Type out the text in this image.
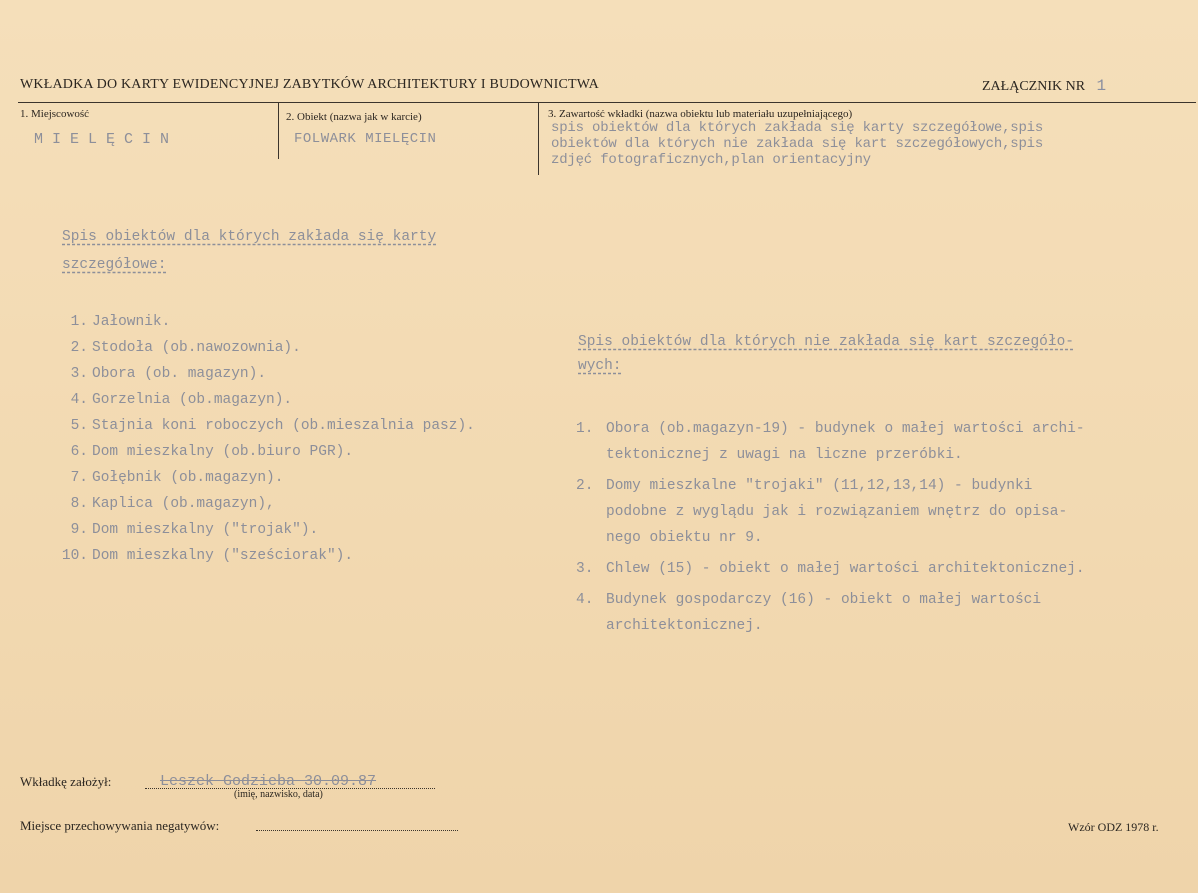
WKŁADKA DO KARTY EWIDENCYJNEJ ZABYTKÓW ARCHITEKTURY I BUDOWNICTWA	ZAŁĄCZNIK NR 1
1. Miejscowość
MIELĘCIN
2. Obiekt (nazwa jak w karcie)
FOLWARK MIELĘCIN
3. Zawartość wkładki (nazwa obiektu lub materiału uzupełniającego)
spis obiektów dla których zakłada się karty szczegółowe,spis
obiektów dla których nie zakłada się kart szczegółowych,spis
zdjęć fotograficznych,plan orientacyjny
Spis obiektów dla których zakłada się karty
szczegółowe:
1. Jałownik.
2. Stodoła (ob.nawozownia).
3. Obora (ob. magazyn).
4. Gorzelnia (ob.magazyn).
5. Stajnia koni roboczych (ob.mieszalnia pasz).
6. Dom mieszkalny (ob.biuro PGR).
7. Gołębnik (ob.magazyn).
8. Kaplica (ob.magazyn),
9. Dom mieszkalny ("trojak").
10. Dom mieszkalny ("sześciorak").
Spis obiektów dla których nie zakłada się kart szczegóło-
wych:
1. Obora (ob.magazyn-19) - budynek o małej wartości archi-
tektonicznej z uwagi na liczne przeróbki.
2. Domy mieszkalne "trojaki" (11,12,13,14) - budynki
podobne z wyglądu jak i rozwiązaniem wnętrz do opisa-
nego obiektu nr 9.
3. Chlew (15) - obiekt o małej wartości architektonicznej.
4. Budynek gospodarczy (16) - obiekt o małej wartości
architektonicznej.
Wkładkę założył:	Leszek Godzieba 30.09.87
(imię, nazwisko, data)
Miejsce przechowywania negatywów:	Wzór ODZ 1978 r.
